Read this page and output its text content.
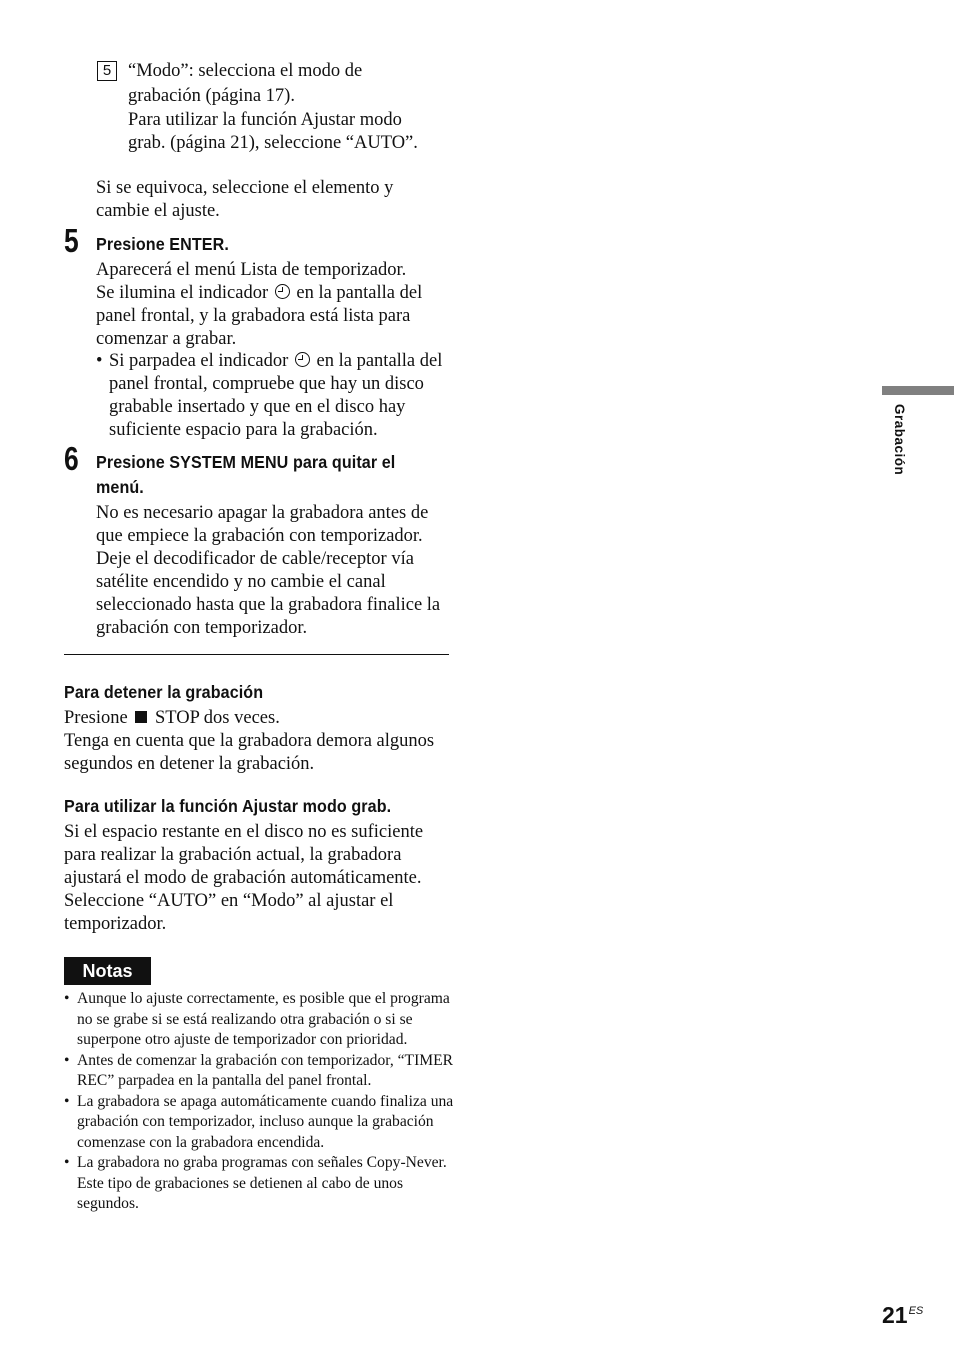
5 “Modo”: selecciona el modo de
grabación (página 17).
Para utilizar la función Ajustar modo
grab. (página 21), seleccione “AUTO”.
Si se equivoca, seleccione el elemento y
cambie el ajuste.
5 Presione ENTER.
Aparecerá el menú Lista de temporizador.
Se ilumina el indicador en la pantalla del
panel frontal, y la grabadora está lista para
comenzar a grabar.
• Si parpadea el indicador en la pantalla del
panel frontal, compruebe que hay un disco
grabable insertado y que en el disco hay
suficiente espacio para la grabación.
6 Presione SYSTEM MENU para quitar el
menú.
No es necesario apagar la grabadora antes de
que empiece la grabación con temporizador.
Deje el decodificador de cable/receptor vía
satélite encendido y no cambie el canal
seleccionado hasta que la grabadora finalice la
grabación con temporizador.
Para detener la grabación
Presione STOP dos veces.
Tenga en cuenta que la grabadora demora algunos
segundos en detener la grabación.
Para utilizar la función Ajustar modo grab.
Si el espacio restante en el disco no es suficiente
para realizar la grabación actual, la grabadora
ajustará el modo de grabación automáticamente.
Seleccione “AUTO” en “Modo” al ajustar el
temporizador.
Notas
• Aunque lo ajuste correctamente, es posible que el programa no se grabe si se está realizando otra grabación o si se superpone otro ajuste de temporizador con prioridad.
• Antes de comenzar la grabación con temporizador, “TIMER REC” parpadea en la pantalla del panel frontal.
• La grabadora se apaga automáticamente cuando finaliza una grabación con temporizador, incluso aunque la grabación comenzase con la grabadora encendida.
• La grabadora no graba programas con señales Copy-Never. Este tipo de grabaciones se detienen al cabo de unos segundos.
Grabación
$21^{ES}$
